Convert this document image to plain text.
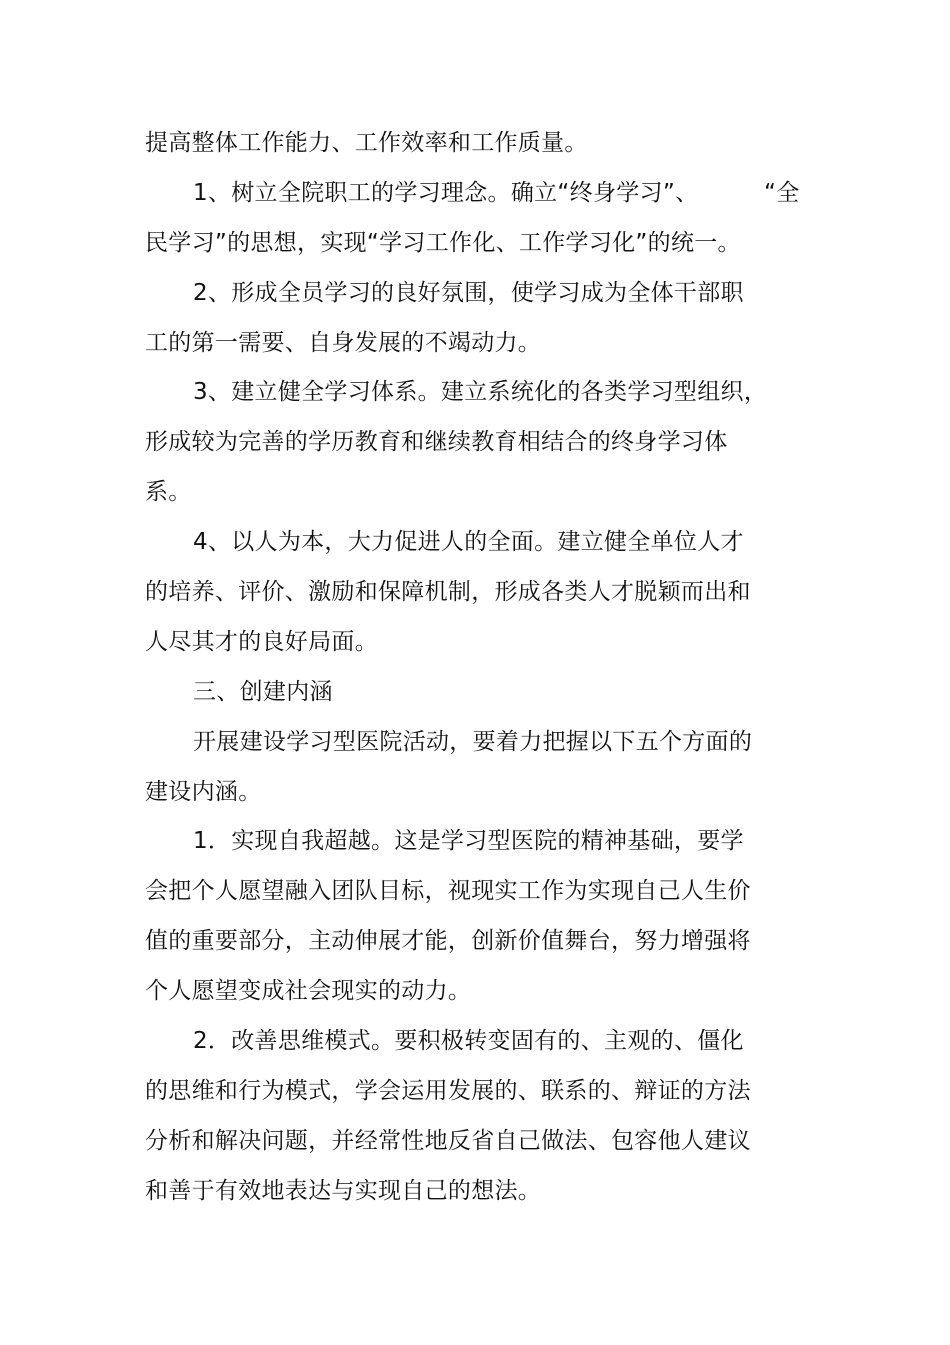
提高整体工作能力、工作效率和工作质量。
1、树立全院职工的学习理念。确立“终身学习”、	“全
民学习”的思想，实现“学习工作化、工作学习化”的统一。
2、形成全员学习的良好氛围，使学习成为全体干部职
工的第一需要、自身发展的不竭动力。
3、建立健全学习体系。建立系统化的各类学习型组织，
形成较为完善的学历教育和继续教育相结合的终身学习体
系。
4、以人为本，大力促进人的全面。建立健全单位人才
的培养、评价、激励和保障机制，形成各类人才脱颖而出和
人尽其才的良好局面。
三、创建内涵
开展建设学习型医院活动，要着力把握以下五个方面的
建设内涵。
1．实现自我超越。这是学习型医院的精神基础，要学
会把个人愿望融入团队目标，视现实工作为实现自己人生价
值的重要部分，主动伸展才能，创新价值舞台，努力增强将
个人愿望变成社会现实的动力。
2．改善思维模式。要积极转变固有的、主观的、僵化
的思维和行为模式，学会运用发展的、联系的、辩证的方法
分析和解决问题，并经常性地反省自己做法、包容他人建议
和善于有效地表达与实现自己的想法。
